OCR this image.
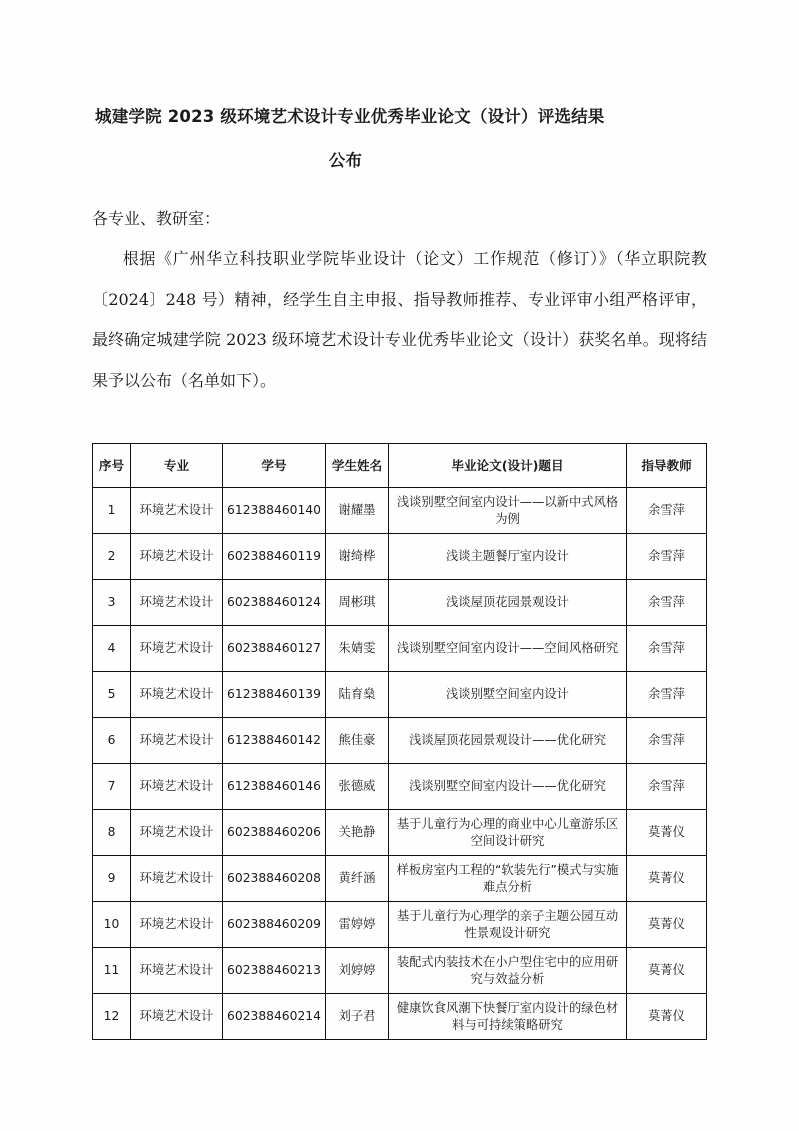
城建学院 2023 级环境艺术设计专业优秀毕业论文（设计）评选结果
公布
各专业、教研室：

根据《广州华立科技职业学院毕业设计（论文）工作规范（修订）》（华立职院教〔2024〕248 号）精神，经学生自主申报、指导教师推荐、专业评审小组严格评审，最终确定城建学院 2023 级环境艺术设计专业优秀毕业论文（设计）获奖名单。现将结果予以公布（名单如下）。

序号	专业	学号	学生姓名	毕业论文(设计)题目	指导教师
1	环境艺术设计	612388460140	谢耀墨	浅谈别墅空间室内设计——以新中式风格为例	余雪萍
2	环境艺术设计	602388460119	谢绮桦	浅谈主题餐厅室内设计	余雪萍
3	环境艺术设计	602388460124	周彬琪	浅谈屋顶花园景观设计	余雪萍
4	环境艺术设计	602388460127	朱婧雯	浅谈别墅空间室内设计——空间风格研究	余雪萍
5	环境艺术设计	612388460139	陆育燊	浅谈别墅空间室内设计	余雪萍
6	环境艺术设计	612388460142	熊佳豪	浅谈屋顶花园景观设计——优化研究	余雪萍
7	环境艺术设计	612388460146	张德威	浅谈别墅空间室内设计——优化研究	余雪萍
8	环境艺术设计	602388460206	关艳静	基于儿童行为心理的商业中心儿童游乐区空间设计研究	莫菁仪
9	环境艺术设计	602388460208	黄纤涵	样板房室内工程的“软装先行”模式与实施难点分析	莫菁仪
10	环境艺术设计	602388460209	雷婷婷	基于儿童行为心理学的亲子主题公园互动性景观设计研究	莫菁仪
11	环境艺术设计	602388460213	刘婷婷	装配式内装技术在小户型住宅中的应用研究与效益分析	莫菁仪
12	环境艺术设计	602388460214	刘子君	健康饮食风潮下快餐厅室内设计的绿色材料与可持续策略研究	莫菁仪
